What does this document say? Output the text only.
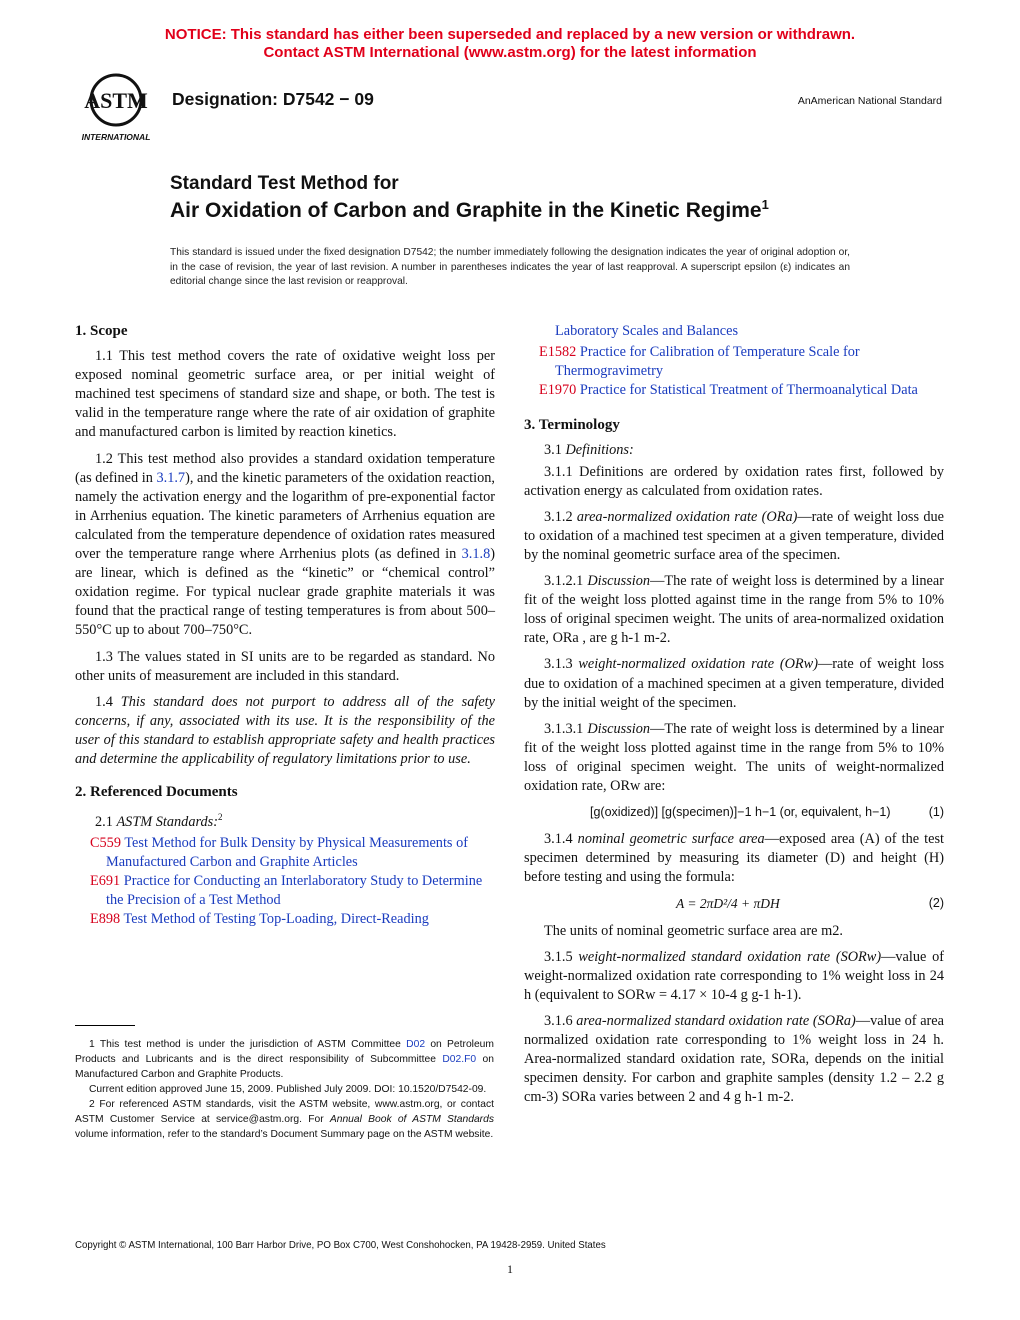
NOTICE: This standard has either been superseded and replaced by a new version or withdrawn.
Contact ASTM International (www.astm.org) for the latest information
ASTM
INTERNATIONAL
Designation: D7542 − 09	AnAmerican National Standard
Standard Test Method for
Air Oxidation of Carbon and Graphite in the Kinetic Regime$^1$
This standard is issued under the fixed designation D7542; the number immediately following the designation indicates the year of original adoption or, in the case of revision, the year of last revision. A number in parentheses indicates the year of last reapproval. A superscript epsilon (ε) indicates an editorial change since the last revision or reapproval.
1. Scope

1.1 This test method covers the rate of oxidative weight loss per exposed nominal geometric surface area, or per initial weight of machined test specimens of standard size and shape, or both. The test is valid in the temperature range where the rate of air oxidation of graphite and manufactured carbon is limited by reaction kinetics.

1.2 This test method also provides a standard oxidation temperature (as defined in 3.1.7), and the kinetic parameters of the oxidation reaction, namely the activation energy and the logarithm of pre-exponential factor in Arrhenius equation. The kinetic parameters of Arrhenius equation are calculated from the temperature dependence of oxidation rates measured over the temperature range where Arrhenius plots (as defined in 3.1.8) are linear, which is defined as the “kinetic” or “chemical control” oxidation regime. For typical nuclear grade graphite materials it was found that the practical range of testing temperatures is from about 500–550°C up to about 700–750°C.

1.3 The values stated in SI units are to be regarded as standard. No other units of measurement are included in this standard.

1.4 This standard does not purport to address all of the safety concerns, if any, associated with its use. It is the responsibility of the user of this standard to establish appropriate safety and health practices and determine the applicability of regulatory limitations prior to use.

2. Referenced Documents

2.1 ASTM Standards:$^2$

C559 Test Method for Bulk Density by Physical Measurements of Manufactured Carbon and Graphite Articles
E691 Practice for Conducting an Interlaboratory Study to Determine the Precision of a Test Method
E898 Test Method of Testing Top-Loading, Direct-Reading
Laboratory Scales and Balances
E1582 Practice for Calibration of Temperature Scale for Thermogravimetry
E1970 Practice for Statistical Treatment of Thermoanalytical Data
3. Terminology

3.1 Definitions:

3.1.1 Definitions are ordered by oxidation rates first, followed by activation energy as calculated from oxidation rates.

3.1.2 area-normalized oxidation rate (ORa)—rate of weight loss due to oxidation of a machined test specimen at a given temperature, divided by the nominal geometric surface area of the specimen.

3.1.2.1 Discussion—The rate of weight loss is determined by a linear fit of the weight loss plotted against time in the range from 5% to 10% loss of original specimen weight. The units of area-normalized oxidation rate, ORa , are g h-1 m-2.

3.1.3 weight-normalized oxidation rate (ORw)—rate of weight loss due to oxidation of a machined specimen at a given temperature, divided by the initial weight of the specimen.

3.1.3.1 Discussion—The rate of weight loss is determined by a linear fit of the weight loss plotted against time in the range from 5% to 10% loss of original specimen weight. The units of weight-normalized oxidation rate, ORw are:

[g(oxidized)] [g(specimen)]−1 h−1 (or, equivalent, h−1)	(1)

3.1.4 nominal geometric surface area—exposed area (A) of the test specimen determined by measuring its diameter (D) and height (H) before testing and using the formula:

A = 2πD²/4 + πDH	(2)

The units of nominal geometric surface area are m2.

3.1.5 weight-normalized standard oxidation rate (SORw)—value of weight-normalized oxidation rate corresponding to 1% weight loss in 24 h (equivalent to SORw = 4.17 × 10-4 g g-1 h-1).

3.1.6 area-normalized standard oxidation rate (SORa)—value of area normalized oxidation rate corresponding to 1% weight loss in 24 h. Area-normalized standard oxidation rate, SORa, depends on the initial specimen density. For carbon and graphite samples (density 1.2 – 2.2 g cm-3) SORa varies between 2 and 4 g h-1 m-2.

1 This test method is under the jurisdiction of ASTM Committee D02 on Petroleum Products and Lubricants and is the direct responsibility of Subcommittee D02.F0 on Manufactured Carbon and Graphite Products.

Current edition approved June 15, 2009. Published July 2009. DOI: 10.1520/D7542-09.

2 For referenced ASTM standards, visit the ASTM website, www.astm.org, or contact ASTM Customer Service at service@astm.org. For Annual Book of ASTM Standards volume information, refer to the standard’s Document Summary page on the ASTM website.

Copyright © ASTM International, 100 Barr Harbor Drive, PO Box C700, West Conshohocken, PA 19428-2959. United States
1
